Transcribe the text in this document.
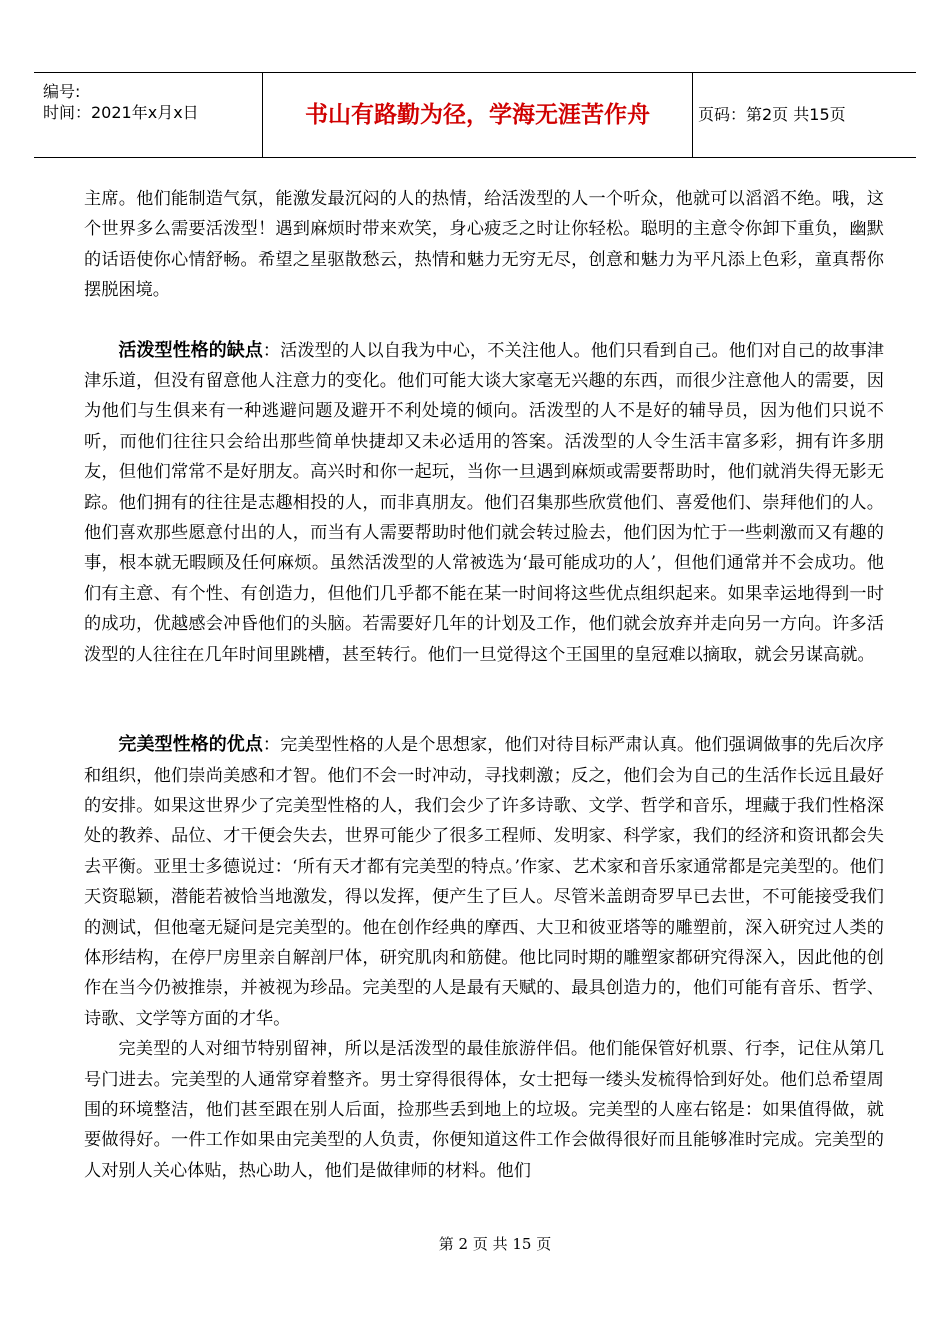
编号:
时间：2021年x月x日	书山有路勤为径，学海无涯苦作舟	页码：第2页 共15页

主席。他们能制造气氛，能激发最沉闷的人的热情，给活泼型的人一个听众，他就可以滔滔不绝。哦，这个世界多么需要活泼型！遇到麻烦时带来欢笑，身心疲乏之时让你轻松。聪明的主意令你卸下重负，幽默的话语使你心情舒畅。希望之星驱散愁云，热情和魅力无穷无尽，创意和魅力为平凡添上色彩，童真帮你摆脱困境。

活泼型性格的缺点：活泼型的人以自我为中心，不关注他人。他们只看到自己。他们对自己的故事津津乐道，但没有留意他人注意力的变化。他们可能大谈大家毫无兴趣的东西，而很少注意他人的需要，因为他们与生俱来有一种逃避问题及避开不利处境的倾向。活泼型的人不是好的辅导员，因为他们只说不听，而他们往往只会给出那些简单快捷却又未必适用的答案。活泼型的人令生活丰富多彩，拥有许多朋友，但他们常常不是好朋友。高兴时和你一起玩，当你一旦遇到麻烦或需要帮助时，他们就消失得无影无踪。他们拥有的往往是志趣相投的人，而非真朋友。他们召集那些欣赏他们、喜爱他们、崇拜他们的人。他们喜欢那些愿意付出的人，而当有人需要帮助时他们就会转过脸去，他们因为忙于一些刺激而又有趣的事，根本就无暇顾及任何麻烦。虽然活泼型的人常被选为‘最可能成功的人’，但他们通常并不会成功。他们有主意、有个性、有创造力，但他们几乎都不能在某一时间将这些优点组织起来。如果幸运地得到一时的成功，优越感会冲昏他们的头脑。若需要好几年的计划及工作，他们就会放弃并走向另一方向。许多活泼型的人往往在几年时间里跳槽，甚至转行。他们一旦觉得这个王国里的皇冠难以摘取，就会另谋高就。

完美型性格的优点：完美型性格的人是个思想家，他们对待目标严肃认真。他们强调做事的先后次序和组织，他们崇尚美感和才智。他们不会一时冲动，寻找刺激；反之，他们会为自己的生活作长远且最好的安排。如果这世界少了完美型性格的人，我们会少了许多诗歌、文学、哲学和音乐，埋藏于我们性格深处的教养、品位、才干便会失去，世界可能少了很多工程师、发明家、科学家，我们的经济和资讯都会失去平衡。亚里士多德说过：‘所有天才都有完美型的特点。’作家、艺术家和音乐家通常都是完美型的。他们天资聪颖，潜能若被恰当地激发，得以发挥，便产生了巨人。尽管米盖朗奇罗早已去世，不可能接受我们的测试，但他毫无疑问是完美型的。他在创作经典的摩西、大卫和彼亚塔等的雕塑前，深入研究过人类的体形结构，在停尸房里亲自解剖尸体，研究肌肉和筋健。他比同时期的雕塑家都研究得深入，因此他的创作在当今仍被推崇，并被视为珍品。完美型的人是最有天赋的、最具创造力的，他们可能有音乐、哲学、诗歌、文学等方面的才华。

完美型的人对细节特别留神，所以是活泼型的最佳旅游伴侣。他们能保管好机票、行李，记住从第几号门进去。完美型的人通常穿着整齐。男士穿得很得体，女士把每一缕头发梳得恰到好处。他们总希望周围的环境整洁，他们甚至跟在别人后面，捡那些丢到地上的垃圾。完美型的人座右铭是：如果值得做，就要做得好。一件工作如果由完美型的人负责，你便知道这件工作会做得很好而且能够准时完成。完美型的人对别人关心体贴，热心助人，他们是做律师的材料。他们

第 2 页 共 15 页
